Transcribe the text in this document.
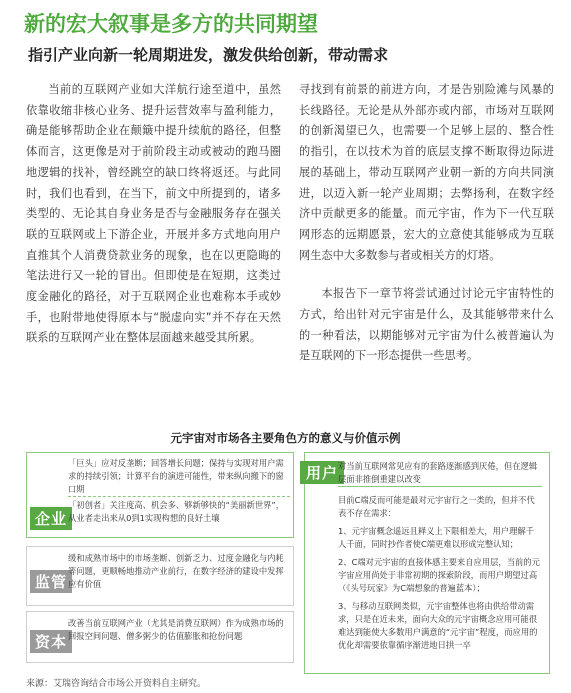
新的宏大叙事是多方的共同期望
指引产业向新一轮周期进发，激发供给创新，带动需求

当前的互联网产业如大洋航行途至道中，虽然依靠收缩非核心业务、提升运营效率与盈利能力，确是能够帮助企业在颠簸中提升续航的路径，但整体而言，这更像是对于前阶段主动或被动的跑马圈地逻辑的找补，曾经跳空的缺口终将返还。与此同时，我们也看到，在当下，前文中所提到的，诸多类型的、无论其自身业务是否与金融服务存在强关联的互联网或上下游企业，开展并多方式地向用户直推其个人消费贷款业务的现象，也在以更隐晦的笔法进行又一轮的冒出。但即使是在短期，这类过度金融化的路径，对于互联网企业也难称本手或妙手，也附带地使得原本与“脱虚向实”并不存在天然联系的互联网产业在整体层面越来越受其所累。

寻找到有前景的前进方向，才是告别险滩与风暴的长线路径。无论是从外部亦或内部，市场对互联网的创新渴望已久，也需要一个足够上层的、整合性的指引，在以技术为首的底层支撑不断取得边际进展的基础上，带动互联网产业朝一新的方向共同演进，以迈入新一轮产业周期；去弊扬利，在数字经济中贡献更多的能量。而元宇宙，作为下一代互联网形态的远期愿景，宏大的立意使其能够成为互联网生态中大多数参与者或相关方的灯塔。

本报告下一章节将尝试通过讨论元宇宙特性的方式，给出针对元宇宙是什么，及其能够带来什么的一种看法，以期能够对元宇宙为什么被普遍认为是互联网的下一形态提供一些思考。

元宇宙对市场各主要角色方的意义与价值示例
企业

「巨头」应对反垄断；回答增长问题；保持与实现对用户需求的持续引领；计算平台的演进可能性，带来纵向搬下的窗口期

「初创者」关注度高、机会多、够新够快的“美丽新世界”，从业者走出来从0到1实现构想的良好土壤

监管

缓和成熟市场中的市场垄断、创新乏力、过度金融化与内耗等问题，更顺畅地推动产业前行，在数字经济的建设中发挥应有价值

资本

改善当前互联网产业（尤其是消费互联网）作为成熟市场的回报空间问题、僧多粥少的估值膨胀和抢份问题

用户 对当前互联网常见应有的套路逐渐感到厌倦，但在逻辑层面非推倒重建以改变

目前C端反而可能是最对元宇宙行之一类的，但并不代表不存在需求：

1、元宇宙概念遥远且释义上下限相差大，用户理解千人千面，同时抄作者使C端更难以形成完整认知；

2、C端对元宇宙的直接体感主要来自应用层，当前的元宇宙应用尚处于非常初期的探索阶段，而用户期望过高（《头号玩家》为C端想象的普遍蓝本）；

3、与移动互联网类似，元宇宙整体也将由供给带动需求，只是在近未来，面向大众的元宇宙概念应用可能很难达到能使大多数用户满意的“元宇宙”程度，而应用的优化却需要依靠循序渐进地日拱一卒

来源：艾瑞咨询结合市场公开资料自主研究。
